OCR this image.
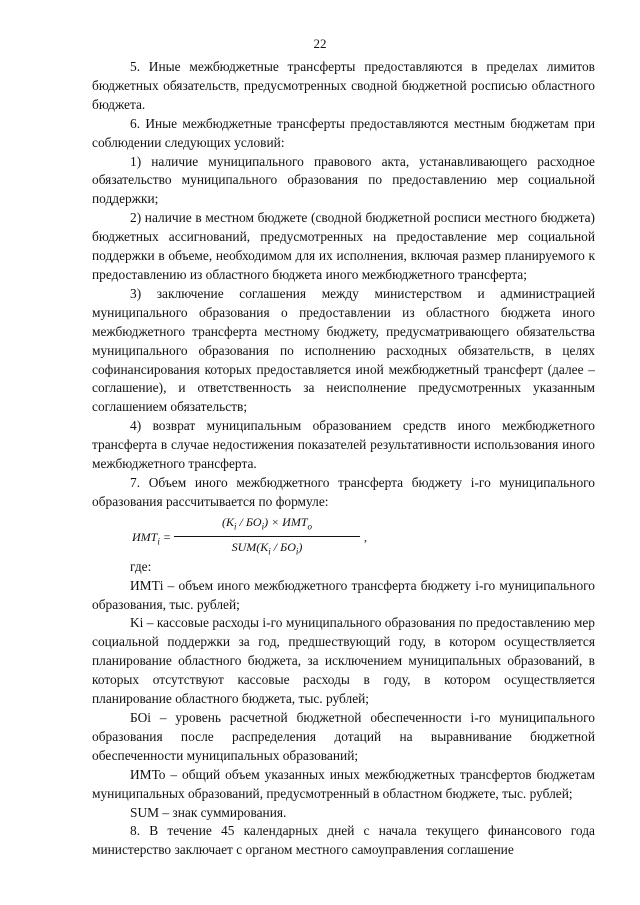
22

5. Иные межбюджетные трансферты предоставляются в пределах лимитов бюджетных обязательств, предусмотренных сводной бюджетной росписью областного бюджета.

6. Иные межбюджетные трансферты предоставляются местным бюджетам при соблюдении следующих условий:

1) наличие муниципального правового акта, устанавливающего расходное обязательство муниципального образования по предоставлению мер социальной поддержки;

2) наличие в местном бюджете (сводной бюджетной росписи местного бюджета) бюджетных ассигнований, предусмотренных на предоставление мер социальной поддержки в объеме, необходимом для их исполнения, включая размер планируемого к предоставлению из областного бюджета иного межбюджетного трансферта;

3) заключение соглашения между министерством и администрацией муниципального образования о предоставлении из областного бюджета иного межбюджетного трансферта местному бюджету, предусматривающего обязательства муниципального образования по исполнению расходных обязательств, в целях софинансирования которых предоставляется иной межбюджетный трансферт (далее – соглашение), и ответственность за неисполнение предусмотренных указанным соглашением обязательств;

4) возврат муниципальным образованием средств иного межбюджетного трансферта в случае недостижения показателей результативности использования иного межбюджетного трансферта.

7. Объем иного межбюджетного трансферта бюджету i-го муниципального образования рассчитывается по формуле:

$ИМТ_i$ =
$(K_i / БО_i) \times ИМТ_o$
$SUM(K_i / БО_i)$
,

где:

ИМТi – объем иного межбюджетного трансферта бюджету i-го муниципального образования, тыс. рублей;

Ki – кассовые расходы i-го муниципального образования по предоставлению мер социальной поддержки за год, предшествующий году, в котором осуществляется планирование областного бюджета, за исключением муниципальных образований, в которых отсутствуют кассовые расходы в году, в котором осуществляется планирование областного бюджета, тыс. рублей;

БОi – уровень расчетной бюджетной обеспеченности i-го муниципального образования после распределения дотаций на выравнивание бюджетной обеспеченности муниципальных образований;

ИМТо – общий объем указанных иных межбюджетных трансфертов бюджетам муниципальных образований, предусмотренный в областном бюджете, тыс. рублей;

SUM – знак суммирования.

8. В течение 45 календарных дней с начала текущего финансового года министерство заключает с органом местного самоуправления соглашение
